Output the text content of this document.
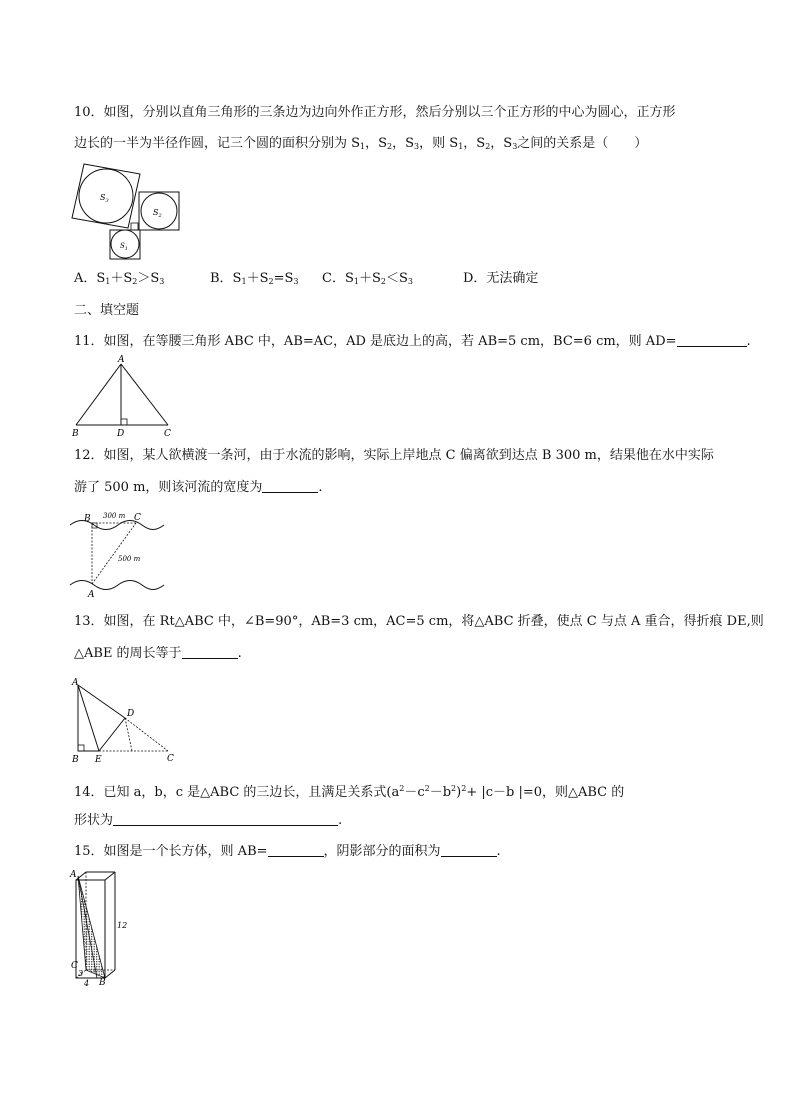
10．如图，分别以直角三角形的三条边为边向外作正方形，然后分别以三个正方形的中心为圆心，正方形
边长的一半为半径作圆，记三个圆的面积分别为 $S_1$，$S_2$，$S_3$，则 $S_1$，$S_2$，$S_3$之间的关系是（　　）
$S_3$
$S_2$
$S_1$
A．$S_1+S_2>S_3$	B．$S_1+S_2=S_3$ C．$S_1+S_2<S_3$	D．无法确定
二、填空题
11．如图，在等腰三角形 ABC 中，AB=AC，AD 是底边上的高，若 AB=5 cm，BC=6 cm，则 AD=	.
A
B	D	C
12．如图，某人欲横渡一条河，由于水流的影响，实际上岸地点 C 偏离欲到达点 B 300 m，结果他在水中实际
游了 500 m，则该河流的宽度为	.
B	C
300 m
500 m
A
13．如图，在 Rt△ABC 中，∠B=90°，AB=3 cm，AC=5 cm，将△ABC 折叠，使点 C 与点 A 重合，得折痕 DE,则
△ABE 的周长等于	.
A
B E
D
C
14．已知 a，b，c 是△ABC 的三边长，且满足关系式$(a^2-c^2-b^2)^2+ |c-b$ |=0，则△ABC 的
形状为	.
15．如图是一个长方体，则 AB=	，阴影部分的面积为	.
A
C
B
12
4
3
